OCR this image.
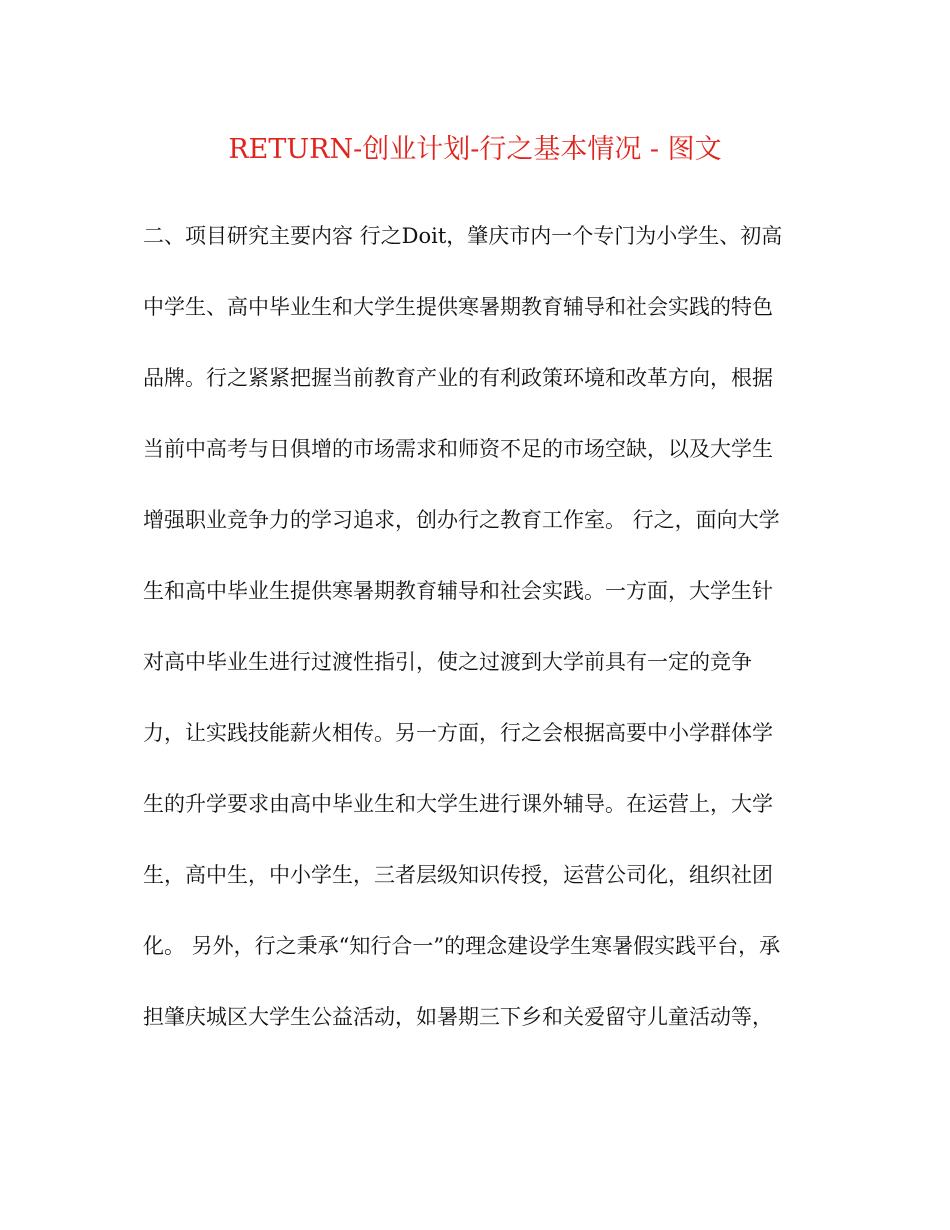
RETURN-创业计划-行之基本情况 - 图文
二、项目研究主要内容 行之Doit，肇庆市内一个专门为小学生、初高
中学生、高中毕业生和大学生提供寒暑期教育辅导和社会实践的特色
品牌。行之紧紧把握当前教育产业的有利政策环境和改革方向，根据
当前中高考与日俱增的市场需求和师资不足的市场空缺，以及大学生
增强职业竞争力的学习追求，创办行之教育工作室。 行之，面向大学
生和高中毕业生提供寒暑期教育辅导和社会实践。一方面，大学生针
对高中毕业生进行过渡性指引，使之过渡到大学前具有一定的竞争
力，让实践技能薪火相传。另一方面，行之会根据高要中小学群体学
生的升学要求由高中毕业生和大学生进行课外辅导。在运营上，大学
生，高中生，中小学生，三者层级知识传授，运营公司化，组织社团
化。 另外，行之秉承“知行合一”的理念建设学生寒暑假实践平台，承
担肇庆城区大学生公益活动，如暑期三下乡和关爱留守儿童活动等，
